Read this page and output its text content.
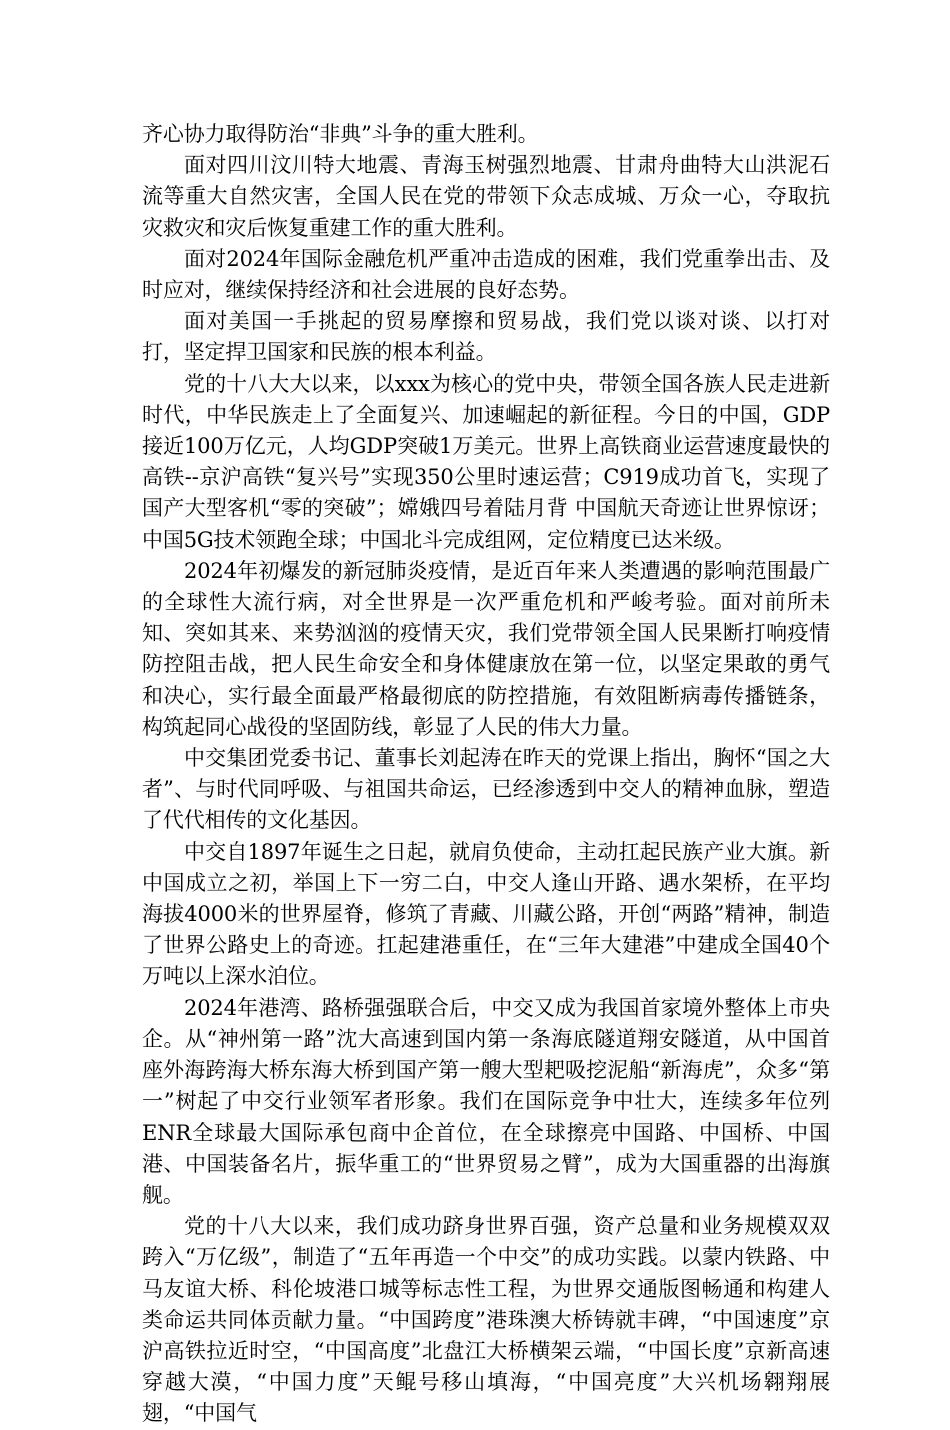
齐心协力取得防治“非典”斗争的重大胜利。

面对四川汶川特大地震、青海玉树强烈地震、甘肃舟曲特大山洪泥石流等重大自然灾害，全国人民在党的带领下众志成城、万众一心，夺取抗灾救灾和灾后恢复重建工作的重大胜利。

面对2024年国际金融危机严重冲击造成的困难，我们党重拳出击、及时应对，继续保持经济和社会进展的良好态势。

面对美国一手挑起的贸易摩擦和贸易战，我们党以谈对谈、以打对打，坚定捍卫国家和民族的根本利益。

党的十八大大以来，以xxx为核心的党中央，带领全国各族人民走进新时代，中华民族走上了全面复兴、加速崛起的新征程。今日的中国，GDP接近100万亿元，人均GDP突破1万美元。世界上高铁商业运营速度最快的高铁--京沪高铁“复兴号”实现350公里时速运营；C919成功首飞，实现了国产大型客机“零的突破”；嫦娥四号着陆月背 中国航天奇迹让世界惊讶；中国5G技术领跑全球；中国北斗完成组网，定位精度已达米级。

2024年初爆发的新冠肺炎疫情，是近百年来人类遭遇的影响范围最广的全球性大流行病，对全世界是一次严重危机和严峻考验。面对前所未知、突如其来、来势汹汹的疫情天灾，我们党带领全国人民果断打响疫情防控阻击战，把人民生命安全和身体健康放在第一位，以坚定果敢的勇气和决心，实行最全面最严格最彻底的防控措施，有效阻断病毒传播链条，构筑起同心战役的坚固防线，彰显了人民的伟大力量。

中交集团党委书记、董事长刘起涛在昨天的党课上指出，胸怀“国之大者”、与时代同呼吸、与祖国共命运，已经渗透到中交人的精神血脉，塑造了代代相传的文化基因。

中交自1897年诞生之日起，就肩负使命，主动扛起民族产业大旗。新中国成立之初，举国上下一穷二白，中交人逢山开路、遇水架桥，在平均海拔4000米的世界屋脊，修筑了青藏、川藏公路，开创“两路”精神，制造了世界公路史上的奇迹。扛起建港重任，在“三年大建港”中建成全国40个万吨以上深水泊位。

2024年港湾、路桥强强联合后，中交又成为我国首家境外整体上市央企。从“神州第一路”沈大高速到国内第一条海底隧道翔安隧道，从中国首座外海跨海大桥东海大桥到国产第一艘大型耙吸挖泥船“新海虎”，众多“第一”树起了中交行业领军者形象。我们在国际竞争中壮大，连续多年位列ENR全球最大国际承包商中企首位，在全球擦亮中国路、中国桥、中国港、中国装备名片，振华重工的“世界贸易之臂”，成为大国重器的出海旗舰。

党的十八大以来，我们成功跻身世界百强，资产总量和业务规模双双跨入“万亿级”，制造了“五年再造一个中交”的成功实践。以蒙内铁路、中马友谊大桥、科伦坡港口城等标志性工程，为世界交通版图畅通和构建人类命运共同体贡献力量。“中国跨度”港珠澳大桥铸就丰碑，“中国速度”京沪高铁拉近时空，“中国高度”北盘江大桥横架云端，“中国长度”京新高速穿越大漠，“中国力度”天鲲号移山填海，“中国亮度”大兴机场翱翔展翅，“中国气
